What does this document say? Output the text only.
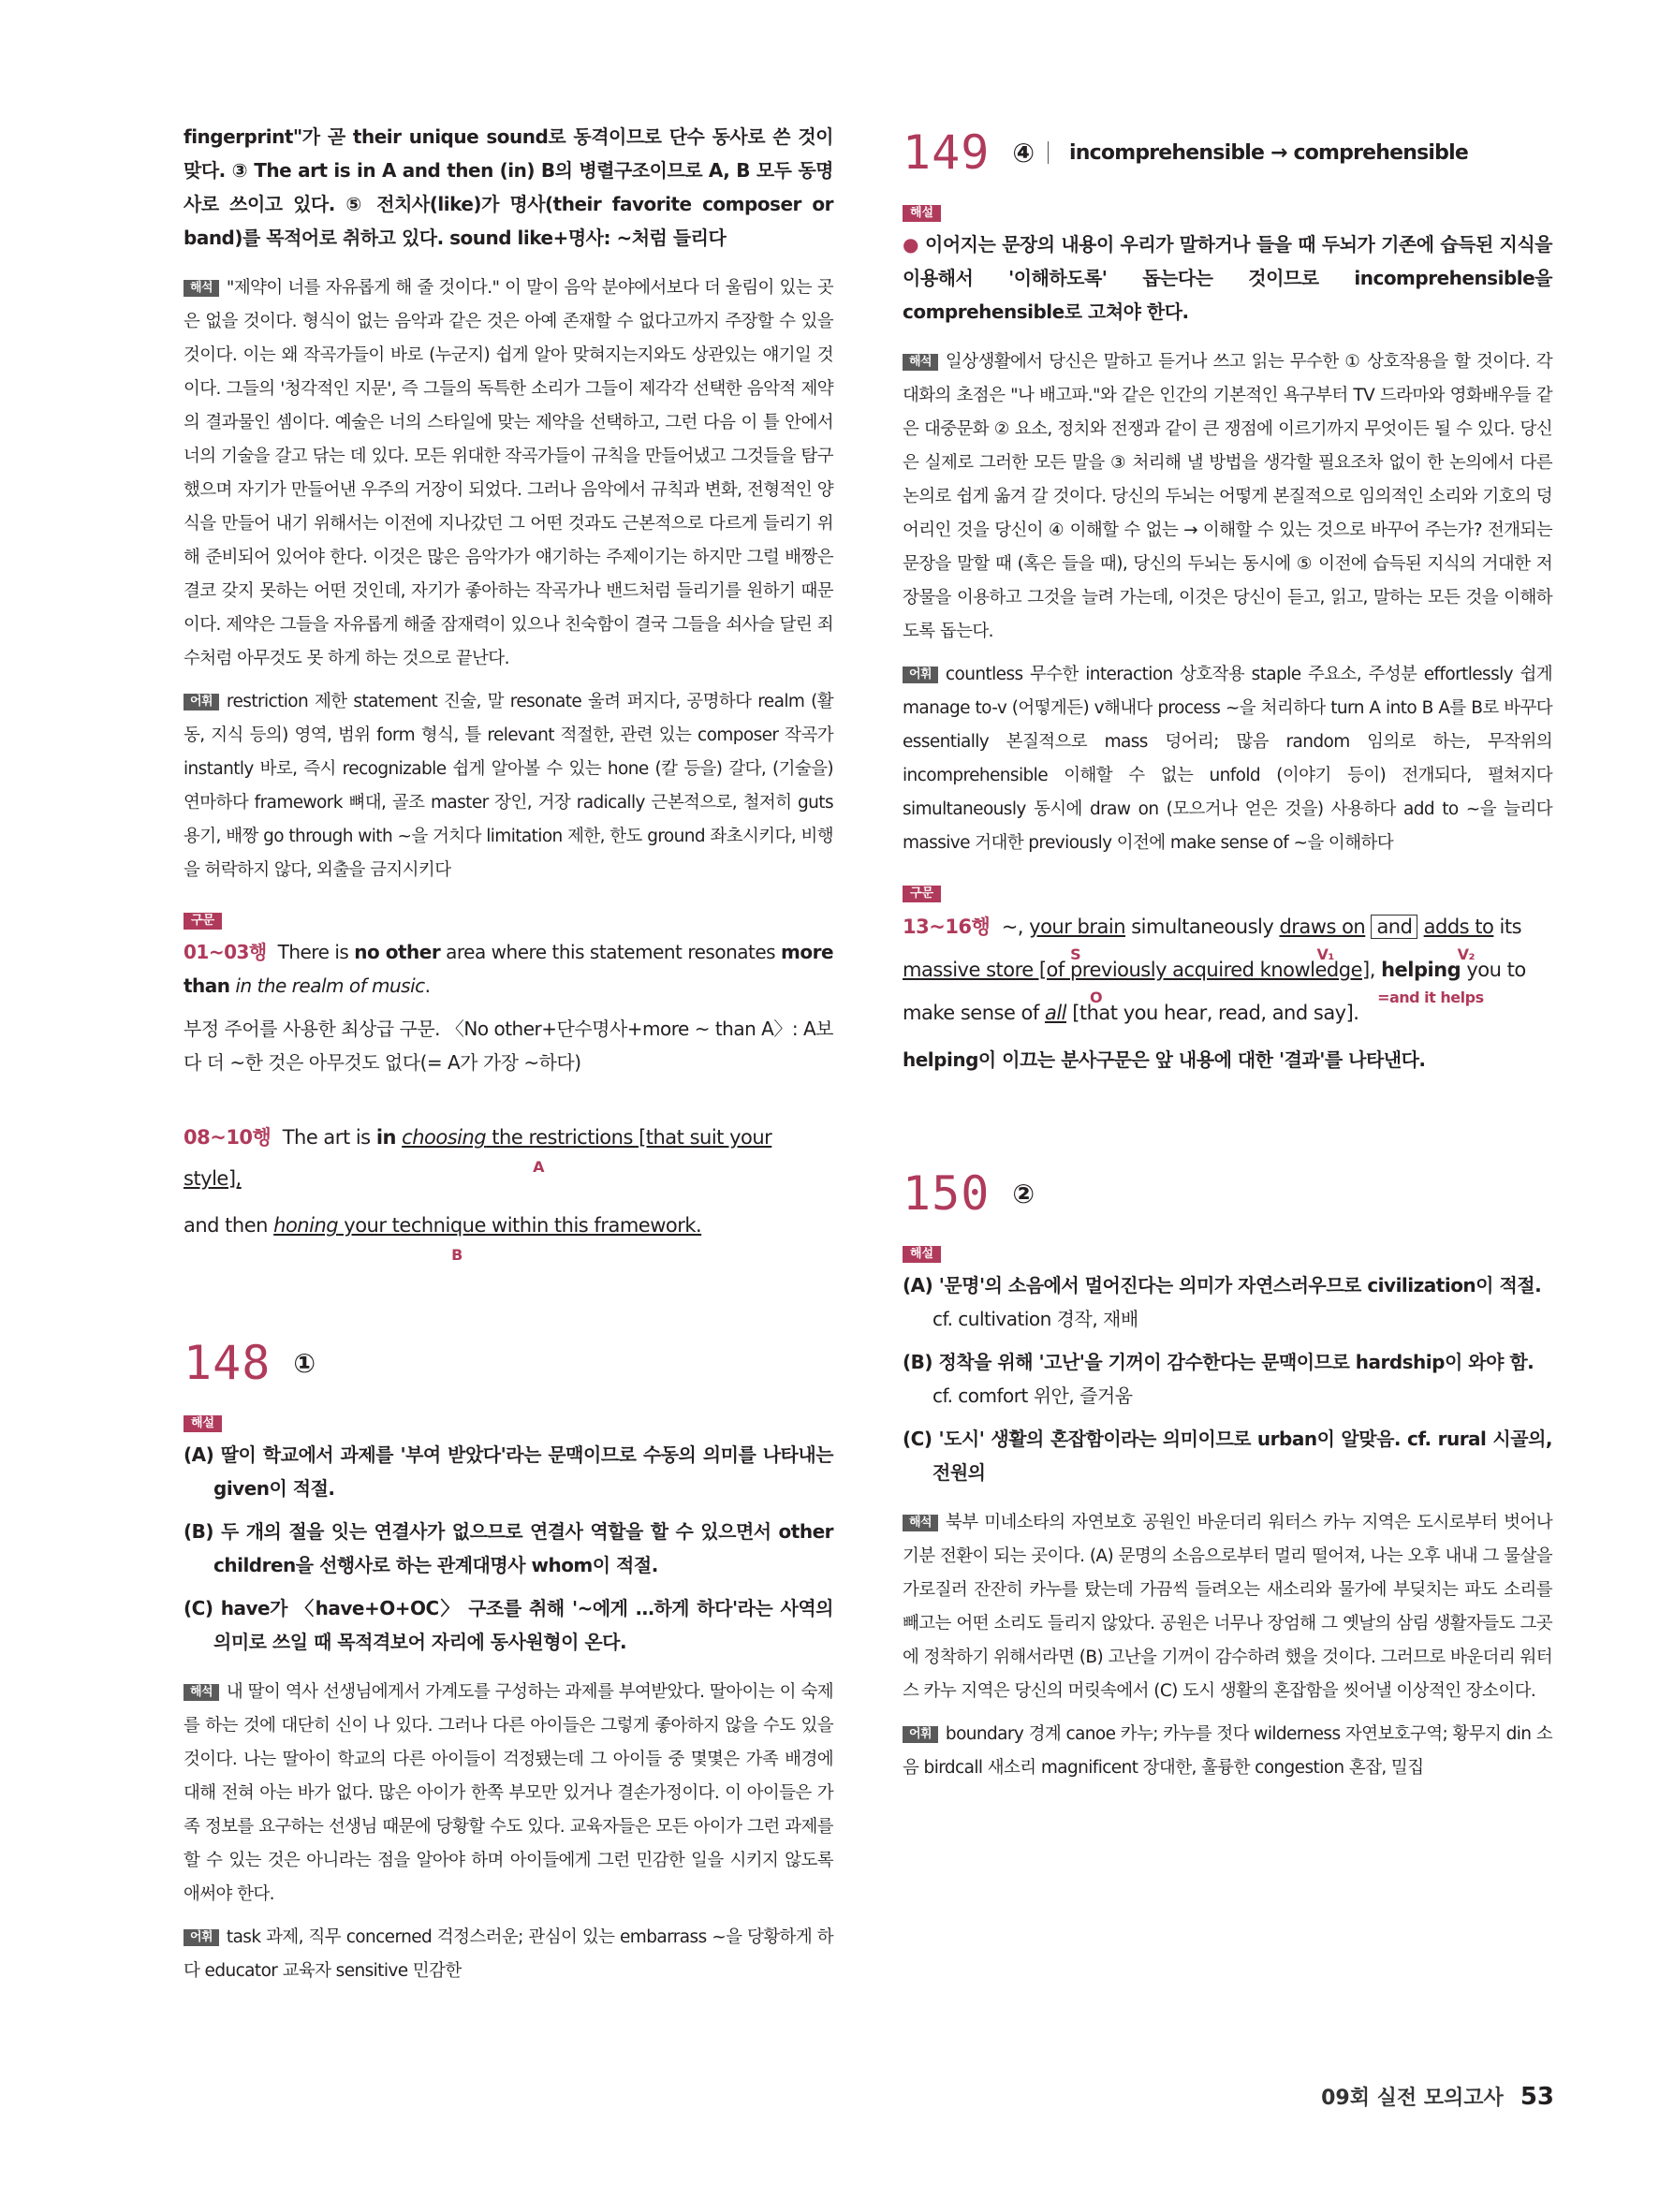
fingerprint"가 곧 their unique sound로 동격이므로 단수 동사로 쓴 것이 맞다. ③ The art is in A and then (in) B의 병렬구조이므로 A, B 모두 동명사로 쓰이고 있다. ⑤ 전치사(like)가 명사(their favorite composer or band)를 목적어로 취하고 있다. sound like+명사: ~처럼 들리다

해석 "제약이 너를 자유롭게 해 줄 것이다." 이 말이 음악 분야에서보다 더 울림이 있는 곳은 없을 것이다. 형식이 없는 음악과 같은 것은 아예 존재할 수 없다고까지 주장할 수 있을 것이다. 이는 왜 작곡가들이 바로 (누군지) 쉽게 알아 맞혀지는지와도 상관있는 얘기일 것이다. 그들의 '청각적인 지문', 즉 그들의 독특한 소리가 그들이 제각각 선택한 음악적 제약의 결과물인 셈이다. 예술은 너의 스타일에 맞는 제약을 선택하고, 그런 다음 이 틀 안에서 너의 기술을 갈고 닦는 데 있다. 모든 위대한 작곡가들이 규칙을 만들어냈고 그것들을 탐구했으며 자기가 만들어낸 우주의 거장이 되었다. 그러나 음악에서 규칙과 변화, 전형적인 양식을 만들어 내기 위해서는 이전에 지나갔던 그 어떤 것과도 근본적으로 다르게 들리기 위해 준비되어 있어야 한다. 이것은 많은 음악가가 얘기하는 주제이기는 하지만 그럴 배짱은 결코 갖지 못하는 어떤 것인데, 자기가 좋아하는 작곡가나 밴드처럼 들리기를 원하기 때문이다. 제약은 그들을 자유롭게 해줄 잠재력이 있으나 친숙함이 결국 그들을 쇠사슬 달린 죄수처럼 아무것도 못 하게 하는 것으로 끝난다.

어휘 restriction 제한 statement 진술, 말 resonate 울려 퍼지다, 공명하다 realm (활동, 지식 등의) 영역, 범위 form 형식, 틀 relevant 적절한, 관련 있는 composer 작곡가 instantly 바로, 즉시 recognizable 쉽게 알아볼 수 있는 hone (칼 등을) 갈다, (기술을) 연마하다 framework 뼈대, 골조 master 장인, 거장 radically 근본적으로, 철저히 guts 용기, 배짱 go through with ~을 거치다 limitation 제한, 한도 ground 좌초시키다, 비행을 허락하지 않다, 외출을 금지시키다

구문

01~03행 There is no other area where this statement resonates more than in the realm of music.

부정 주어를 사용한 최상급 구문. 〈No other+단수명사+more ~ than A〉: A보다 더 ~한 것은 아무것도 없다(= A가 가장 ~하다)

08~10행 The art is in choosing the restrictions [that suit your style],
A

and then honing your technique within this framework.
B

148 ①
해설

(A) 딸이 학교에서 과제를 '부여 받았다'라는 문맥이므로 수동의 의미를 나타내는 given이 적절.

(B) 두 개의 절을 잇는 연결사가 없으므로 연결사 역할을 할 수 있으면서 other children을 선행사로 하는 관계대명사 whom이 적절.

(C) have가 〈have+O+OC〉 구조를 취해 '~에게 …하게 하다'라는 사역의 의미로 쓰일 때 목적격보어 자리에 동사원형이 온다.

해석 내 딸이 역사 선생님에게서 가계도를 구성하는 과제를 부여받았다. 딸아이는 이 숙제를 하는 것에 대단히 신이 나 있다. 그러나 다른 아이들은 그렇게 좋아하지 않을 수도 있을 것이다. 나는 딸아이 학교의 다른 아이들이 걱정됐는데 그 아이들 중 몇몇은 가족 배경에 대해 전혀 아는 바가 없다. 많은 아이가 한쪽 부모만 있거나 결손가정이다. 이 아이들은 가족 정보를 요구하는 선생님 때문에 당황할 수도 있다. 교육자들은 모든 아이가 그런 과제를 할 수 있는 것은 아니라는 점을 알아야 하며 아이들에게 그런 민감한 일을 시키지 않도록 애써야 한다.

어휘 task 과제, 직무 concerned 걱정스러운; 관심이 있는 embarrass ~을 당황하게 하다 educator 교육자 sensitive 민감한

149 ④ incomprehensible → comprehensible
해설

● 이어지는 문장의 내용이 우리가 말하거나 들을 때 두뇌가 기존에 습득된 지식을 이용해서 '이해하도록' 돕는다는 것이므로 incomprehensible을 comprehensible로 고쳐야 한다.

해석 일상생활에서 당신은 말하고 듣거나 쓰고 읽는 무수한 ① 상호작용을 할 것이다. 각 대화의 초점은 "나 배고파."와 같은 인간의 기본적인 욕구부터 TV 드라마와 영화배우들 같은 대중문화 ② 요소, 정치와 전쟁과 같이 큰 쟁점에 이르기까지 무엇이든 될 수 있다. 당신은 실제로 그러한 모든 말을 ③ 처리해 낼 방법을 생각할 필요조차 없이 한 논의에서 다른 논의로 쉽게 옮겨 갈 것이다. 당신의 두뇌는 어떻게 본질적으로 임의적인 소리와 기호의 덩어리인 것을 당신이 ④ 이해할 수 없는 → 이해할 수 있는 것으로 바꾸어 주는가? 전개되는 문장을 말할 때 (혹은 들을 때), 당신의 두뇌는 동시에 ⑤ 이전에 습득된 지식의 거대한 저장물을 이용하고 그것을 늘려 가는데, 이것은 당신이 듣고, 읽고, 말하는 모든 것을 이해하도록 돕는다.

어휘 countless 무수한 interaction 상호작용 staple 주요소, 주성분 effortlessly 쉽게 manage to-v (어떻게든) v해내다 process ~을 처리하다 turn A into B A를 B로 바꾸다 essentially 본질적으로 mass 덩어리; 많음 random 임의로 하는, 무작위의 incomprehensible 이해할 수 없는 unfold (이야기 등이) 전개되다, 펼쳐지다 simultaneously 동시에 draw on (모으거나 얻은 것을) 사용하다 add to ~을 늘리다 massive 거대한 previously 이전에 make sense of ~을 이해하다

구문

13~16행 ~, your brain
S
simultaneously draws on
V₁
and adds to
V₂
its

massive store [of previously acquired knowledge]
O
, helping
=and it helps
you to

make sense of all [that you hear, read, and say].

helping이 이끄는 분사구문은 앞 내용에 대한 '결과'를 나타낸다.

150 ②
해설

(A) '문명'의 소음에서 멀어진다는 의미가 자연스러우므로 civilization이 적절.

cf. cultivation 경작, 재배

(B) 정착을 위해 '고난'을 기꺼이 감수한다는 문맥이므로 hardship이 와야 함.

cf. comfort 위안, 즐거움

(C) '도시' 생활의 혼잡함이라는 의미이므로 urban이 알맞음. cf. rural 시골의, 전원의

해석 북부 미네소타의 자연보호 공원인 바운더리 워터스 카누 지역은 도시로부터 벗어나 기분 전환이 되는 곳이다. (A) 문명의 소음으로부터 멀리 떨어져, 나는 오후 내내 그 물살을 가로질러 잔잔히 카누를 탔는데 가끔씩 들려오는 새소리와 물가에 부딪치는 파도 소리를 빼고는 어떤 소리도 들리지 않았다. 공원은 너무나 장엄해 그 옛날의 삼림 생활자들도 그곳에 정착하기 위해서라면 (B) 고난을 기꺼이 감수하려 했을 것이다. 그러므로 바운더리 워터스 카누 지역은 당신의 머릿속에서 (C) 도시 생활의 혼잡함을 씻어낼 이상적인 장소이다.

어휘 boundary 경계 canoe 카누; 카누를 젓다 wilderness 자연보호구역; 황무지 din 소음 birdcall 새소리 magnificent 장대한, 훌륭한 congestion 혼잡, 밀집

09회 실전 모의고사 53
